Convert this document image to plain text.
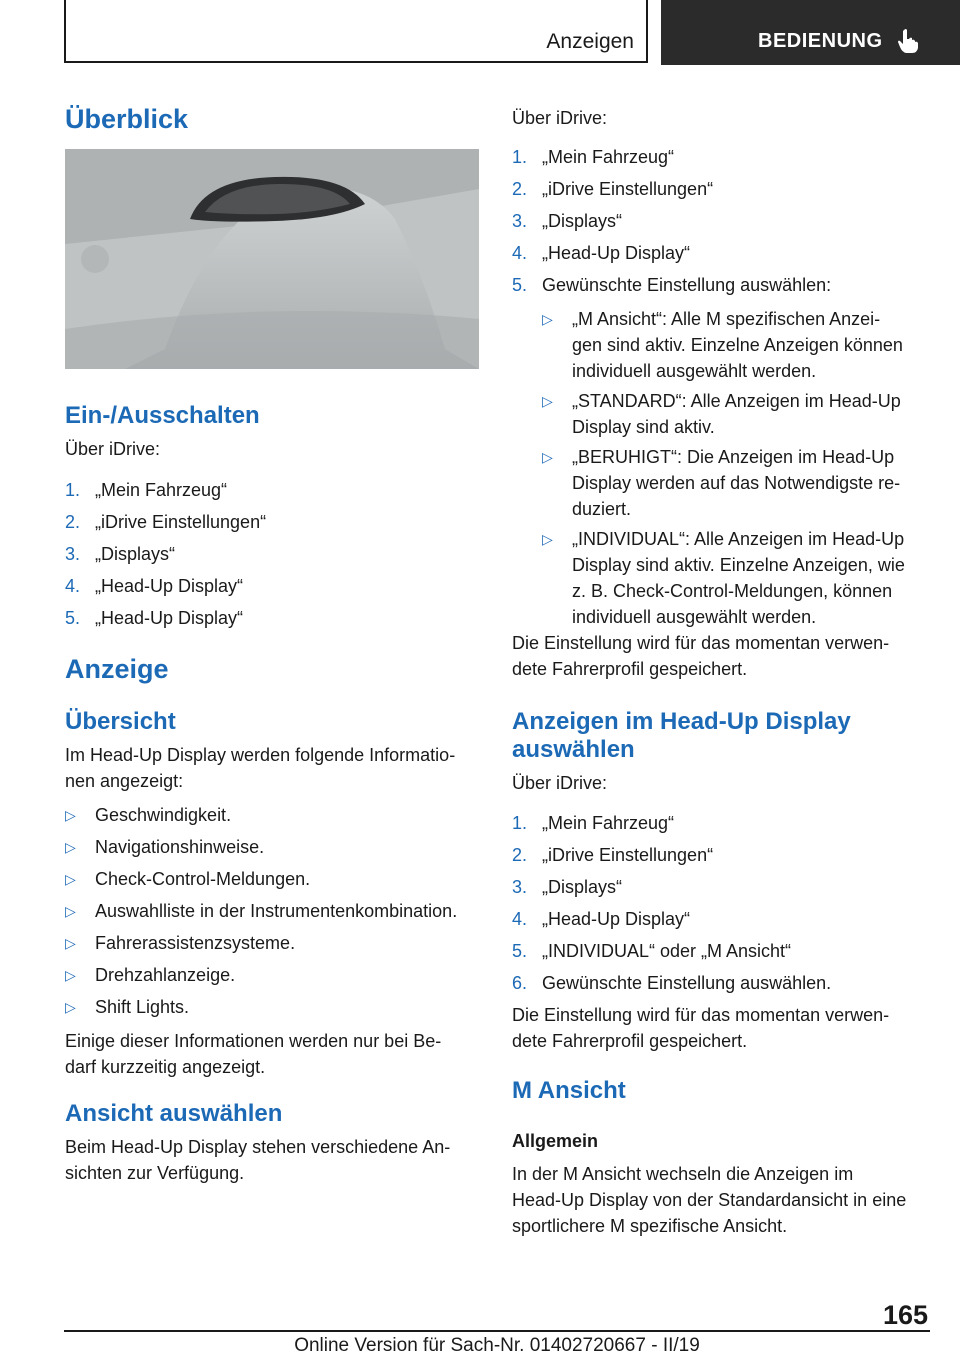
Anzeigen	BEDIENUNG
Überblick
Ein-/Ausschalten
Über iDrive:
1. „Mein Fahrzeug“
2. „iDrive Einstellungen“
3. „Displays“
4. „Head-Up Display“
5. „Head-Up Display“
Anzeige
Übersicht
Im Head-Up Display werden folgende Informatio-
nen angezeigt:
▷ Geschwindigkeit.
▷ Navigationshinweise.
▷ Check-Control-Meldungen.
▷ Auswahlliste in der Instrumentenkombination.
▷ Fahrerassistenzsysteme.
▷ Drehzahlanzeige.
▷ Shift Lights.
Einige dieser Informationen werden nur bei Be-
darf kurzzeitig angezeigt.
Ansicht auswählen
Beim Head-Up Display stehen verschiedene An-
sichten zur Verfügung.
Über iDrive:
1. „Mein Fahrzeug“
2. „iDrive Einstellungen“
3. „Displays“
4. „Head-Up Display“
5. Gewünschte Einstellung auswählen:
▷ „M Ansicht“: Alle M spezifischen Anzei-
gen sind aktiv. Einzelne Anzeigen können
individuell ausgewählt werden.
▷ „STANDARD“: Alle Anzeigen im Head-Up
Display sind aktiv.
▷ „BERUHIGT“: Die Anzeigen im Head-Up
Display werden auf das Notwendigste re-
duziert.
▷ „INDIVIDUAL“: Alle Anzeigen im Head-Up
Display sind aktiv. Einzelne Anzeigen, wie
z. B. Check-Control-Meldungen, können
individuell ausgewählt werden.
Die Einstellung wird für das momentan verwen-
dete Fahrerprofil gespeichert.
Anzeigen im Head-Up Display
auswählen
Über iDrive:
1. „Mein Fahrzeug“
2. „iDrive Einstellungen“
3. „Displays“
4. „Head-Up Display“
5. „INDIVIDUAL“ oder „M Ansicht“
6. Gewünschte Einstellung auswählen.
Die Einstellung wird für das momentan verwen-
dete Fahrerprofil gespeichert.
M Ansicht
Allgemein
In der M Ansicht wechseln die Anzeigen im
Head-Up Display von der Standardansicht in eine
sportlichere M spezifische Ansicht.
165
Online Version für Sach-Nr. 01402720667 - II/19
